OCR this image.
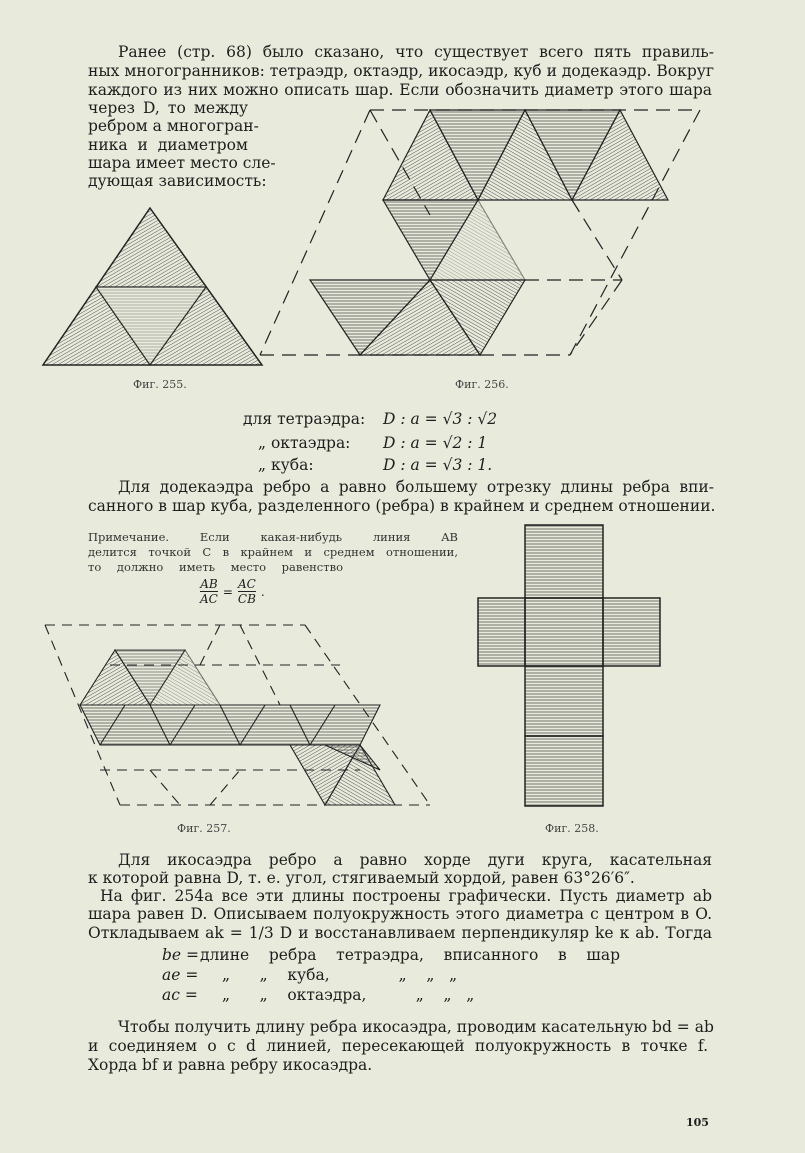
Ранее (стр. 68) было сказано, что существует всего пять правиль-
ных многогранников: тетраэдр, октаэдр, икосаэдр, куб и додекаэдр. Вокруг
каждого из них можно описать шар. Если обозначить диаметр этого шара
через D, то между
ребром a многогран-
ника и диаметром
шара имеет место сле-
дующая зависимость:
Фиг. 255.	Фиг. 256.
для тетраэдра: D : a = √3 : √2
„ октаэдра: D : a = √2 : 1
„ куба:	D : a = √3 : 1.
Для додекаэдра ребро a равно большему отрезку длины ребра впи-
санного в шар куба, разделенного (ребра) в крайнем и среднем отношении.
Примечание. Если какая-нибудь линия AB
делится точкой C в крайнем и среднем отношении,
то должно иметь место равенство
$\frac{AB}{AC} = \frac{AC}{CB}$ .
Фиг. 257.	Фиг. 258.
Для икосаэдра ребро a равно хорде дуги круга, касательная
к которой равна D, т. е. угол, стягиваемый хордой, равен 63°26′6″.
На фиг. 254a все эти длины построены графически. Пусть диаметр ab
шара равен D. Описываем полуокружность этого диаметра с центром в O.
Откладываем ak = 1/3 D и восстанавливаем перпендикуляр ke к ab. Тогда
be = длине ребра тетраэдра, вписанного в шар
ae = „      „    куба,              „    „   „
ac = „      „    октаэдра,          „    „   „
Чтобы получить длину ребра икосаэдра, проводим касательную bd = ab
и соединяем o с d линией, пересекающей полуокружность в точке f.
Хорда bf и равна ребру икосаэдра.
105
